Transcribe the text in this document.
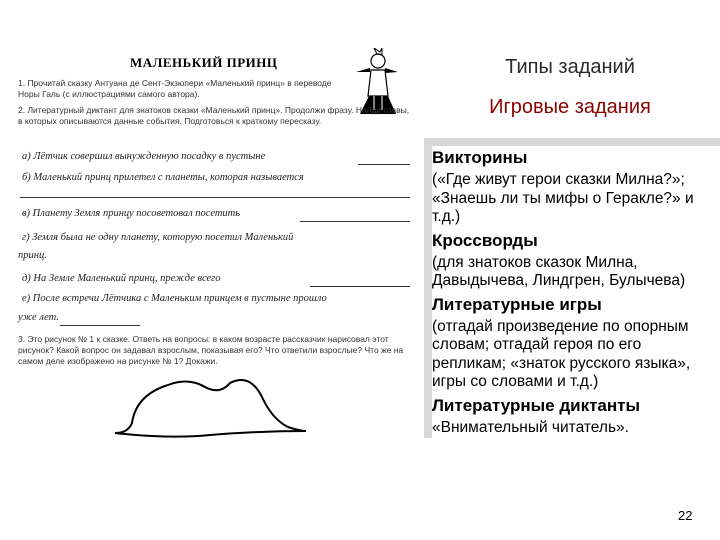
МАЛЕНЬКИЙ ПРИНЦ
1. Прочитай сказку Антуана де Сент-Экзюпери «Маленький принц» в переводе Норы Галь (с иллюстрациями самого автора).
2. Литературный диктант для знатоков сказки «Маленький принц». Продолжи фразу. Найди главы, в которых описываются данные события. Подготовься к краткому пересказу.
а) Лётчик совершил вынужденную посадку в пустыне
б) Маленький принц прилетел с планеты, которая называется
в) Планету Земля принцу посоветовал посетить
г) Земля была не одну планету, которую посетил Маленький
принц.
д) На Земле Маленький принц, прежде всего
е) После встречи Лётчика с Маленьким принцем в пустыне прошло
уже лет.
3. Это рисунок № 1 к сказке. Ответь на вопросы: в каком возрасте рассказчик нарисовал этот рисунок? Какой вопрос он задавал взрослым, показывая его? Что ответили взрослые? Что же на самом деле изображено на рисунке № 1? Докажи.
Типы заданий
Игровые задания
Викторины
(«Где живут герои сказки Милна?»; «Знаешь ли ты мифы о Геракле?» и т.д.)
Кроссворды
(для знатоков сказок Милна, Давыдычева, Линдгрен, Булычева)
Литературные игры
(отгадай произведение по опорным словам; отгадай героя по его репликам; «знаток русского языка», игры со словами и т.д.)
Литературные диктанты
«Внимательный читатель».
22
